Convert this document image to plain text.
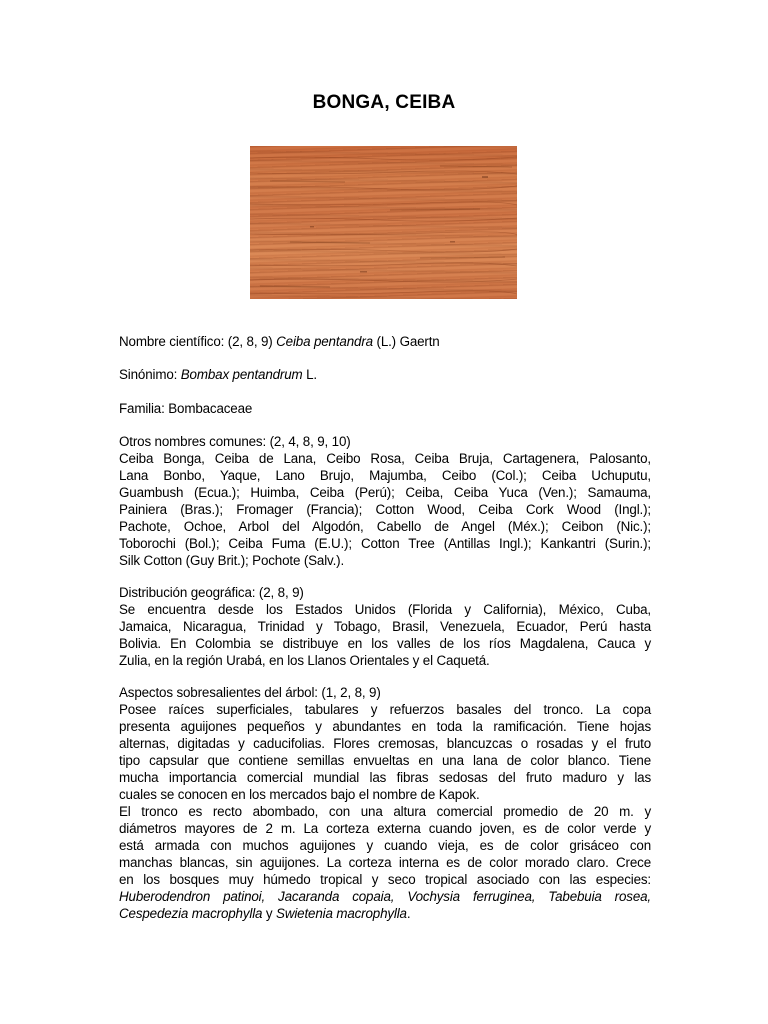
BONGA, CEIBA
Nombre científico: (2, 8, 9) Ceiba pentandra (L.) Gaertn
Sinónimo: Bombax pentandrum L.
Familia: Bombacaceae
Otros nombres comunes: (2, 4, 8, 9, 10)
Ceiba Bonga, Ceiba de Lana, Ceibo Rosa, Ceiba Bruja, Cartagenera, Palosanto,
Lana Bonbo, Yaque, Lano Brujo, Majumba, Ceibo (Col.); Ceiba Uchuputu,
Guambush (Ecua.); Huimba, Ceiba (Perú); Ceiba, Ceiba Yuca (Ven.); Samauma,
Painiera (Bras.); Fromager (Francia); Cotton Wood, Ceiba Cork Wood (Ingl.);
Pachote, Ochoe, Arbol del Algodón, Cabello de Angel (Méx.); Ceibon (Nic.);
Toborochi (Bol.); Ceiba Fuma (E.U.); Cotton Tree (Antillas Ingl.); Kankantri (Surin.);
Silk Cotton (Guy Brit.); Pochote (Salv.).
Distribución geográfica: (2, 8, 9)
Se encuentra desde los Estados Unidos (Florida y California), México, Cuba,
Jamaica, Nicaragua, Trinidad y Tobago, Brasil, Venezuela, Ecuador, Perú hasta
Bolivia. En Colombia se distribuye en los valles de los ríos Magdalena, Cauca y
Zulia, en la región Urabá, en los Llanos Orientales y el Caquetá.
Aspectos sobresalientes del árbol: (1, 2, 8, 9)
Posee raíces superficiales, tabulares y refuerzos basales del tronco. La copa
presenta aguijones pequeños y abundantes en toda la ramificación. Tiene hojas
alternas, digitadas y caducifolias. Flores cremosas, blancuzcas o rosadas y el fruto
tipo capsular que contiene semillas envueltas en una lana de color blanco. Tiene
mucha importancia comercial mundial las fibras sedosas del fruto maduro y las
cuales se conocen en los mercados bajo el nombre de Kapok.
El tronco es recto abombado, con una altura comercial promedio de 20 m. y
diámetros mayores de 2 m. La corteza externa cuando joven, es de color verde y
está armada con muchos aguijones y cuando vieja, es de color grisáceo con
manchas blancas, sin aguijones. La corteza interna es de color morado claro. Crece
en los bosques muy húmedo tropical y seco tropical asociado con las especies:
Huberodendron patinoi, Jacaranda copaia, Vochysia ferruginea, Tabebuia rosea,
Cespedezia macrophylla y Swietenia macrophylla.
